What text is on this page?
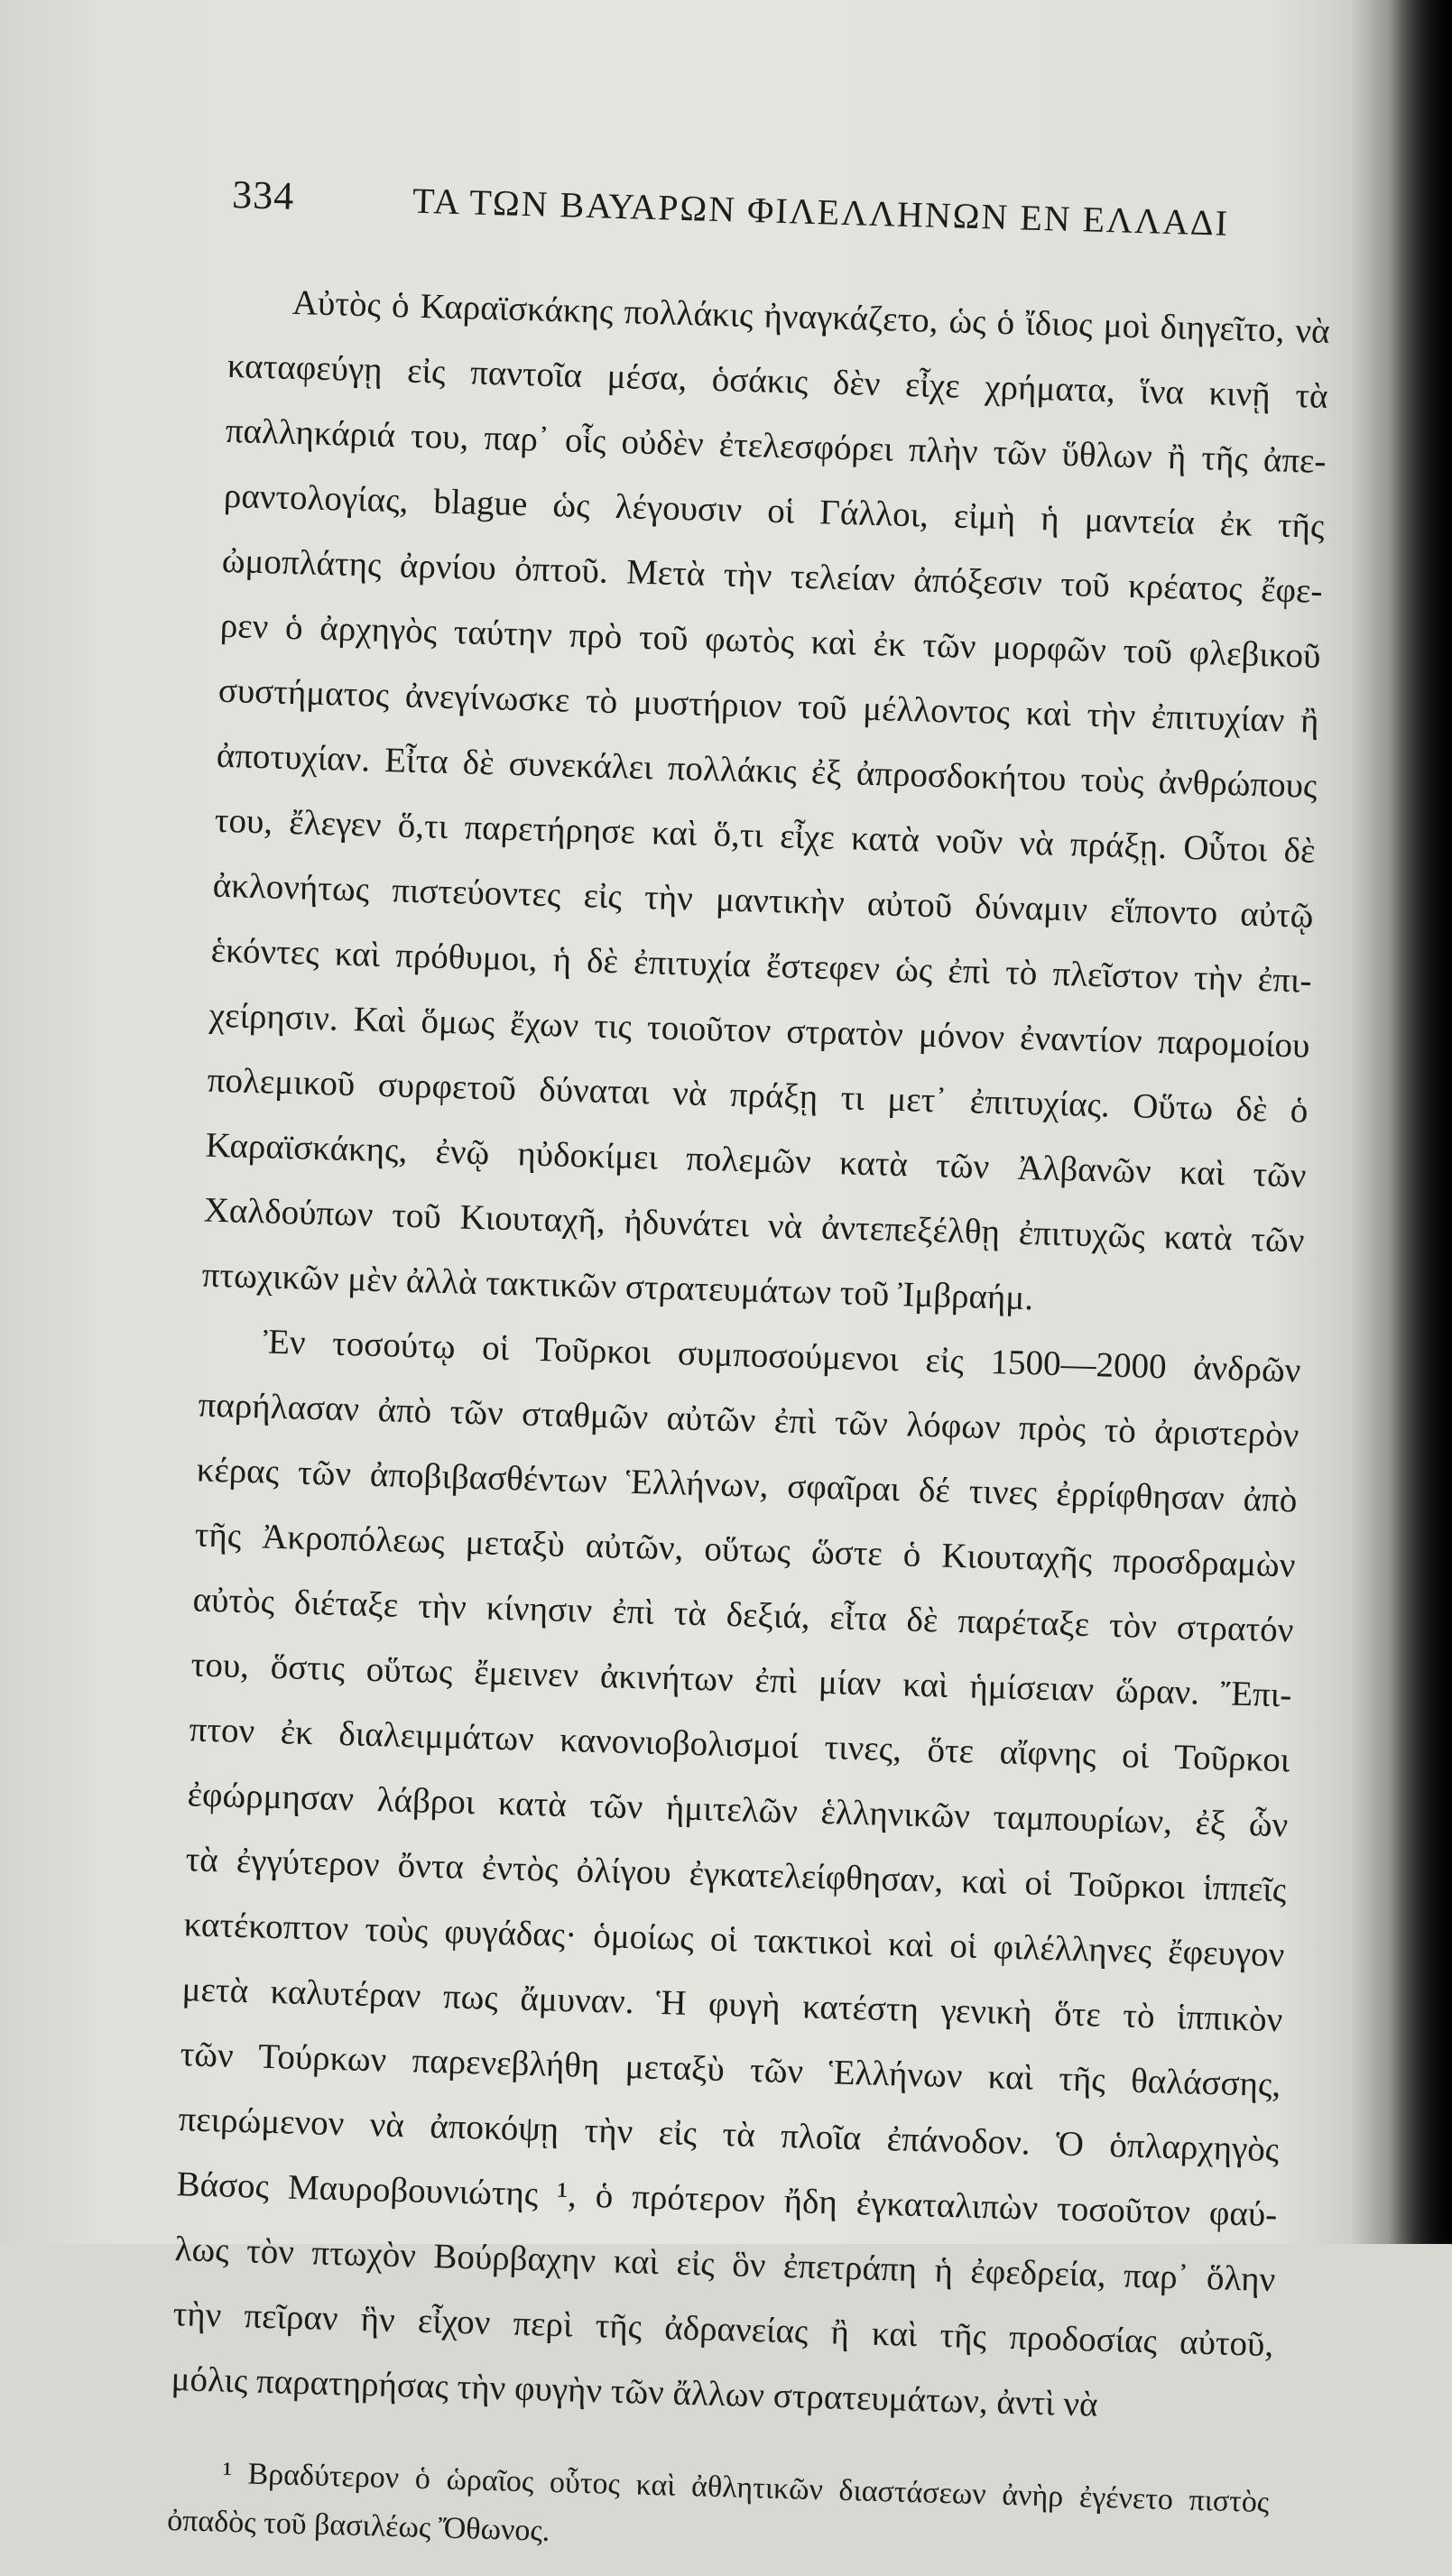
334	ΤΑ ΤΩΝ ΒΑΥΑΡΩΝ ΦΙΛΕΛΛΗΝΩΝ ΕΝ ΕΛΛΑΔΙ
Αὐτὸς ὁ Καραϊσκάκης πολλάκις ἠναγκάζετο, ὡς ὁ ἴδιος μοὶ διηγεῖτο, νὰ
καταφεύγῃ εἰς παντοῖα μέσα, ὁσάκις δὲν εἶχε χρήματα, ἵνα κινῇ τὰ
παλληκάριά του, παρ᾽ οἷς οὐδὲν ἐτελεσφόρει πλὴν τῶν ὕθλων ἢ τῆς ἀπε-
ραντολογίας, blague ὡς λέγουσιν οἱ Γάλλοι, εἰμὴ ἡ μαντεία ἐκ τῆς
ὠμοπλάτης ἀρνίου ὀπτοῦ. Μετὰ τὴν τελείαν ἀπόξεσιν τοῦ κρέατος ἔφε-
ρεν ὁ ἀρχηγὸς ταύτην πρὸ τοῦ φωτὸς καὶ ἐκ τῶν μορφῶν τοῦ φλεβικοῦ
συστήματος ἀνεγίνωσκε τὸ μυστήριον τοῦ μέλλοντος καὶ τὴν ἐπιτυχίαν ἢ
ἀποτυχίαν. Εἶτα δὲ συνεκάλει πολλάκις ἐξ ἀπροσδοκήτου τοὺς ἀνθρώπους
του, ἔλεγεν ὅ,τι παρετήρησε καὶ ὅ,τι εἶχε κατὰ νοῦν νὰ πράξῃ. Οὗτοι δὲ
ἀκλονήτως πιστεύοντες εἰς τὴν μαντικὴν αὐτοῦ δύναμιν εἵποντο αὐτῷ
ἑκόντες καὶ πρόθυμοι, ἡ δὲ ἐπιτυχία ἔστεφεν ὡς ἐπὶ τὸ πλεῖστον τὴν ἐπι-
χείρησιν. Καὶ ὅμως ἔχων τις τοιοῦτον στρατὸν μόνον ἐναντίον παρομοίου
πολεμικοῦ συρφετοῦ δύναται νὰ πράξῃ τι μετ᾽ ἐπιτυχίας. Οὕτω δὲ ὁ
Καραϊσκάκης, ἐνῷ ηὐδοκίμει πολεμῶν κατὰ τῶν Ἀλβανῶν καὶ τῶν
Χαλδούπων τοῦ Κιουταχῆ, ἠδυνάτει νὰ ἀντεπεξέλθῃ ἐπιτυχῶς κατὰ τῶν
πτωχικῶν μὲν ἀλλὰ τακτικῶν στρατευμάτων τοῦ Ἰμβραήμ.
Ἐν τοσούτῳ οἱ Τοῦρκοι συμποσούμενοι εἰς 1500—2000 ἀνδρῶν
παρήλασαν ἀπὸ τῶν σταθμῶν αὐτῶν ἐπὶ τῶν λόφων πρὸς τὸ ἀριστερὸν
κέρας τῶν ἀποβιβασθέντων Ἑλλήνων, σφαῖραι δέ τινες ἐρρίφθησαν ἀπὸ
τῆς Ἀκροπόλεως μεταξὺ αὐτῶν, οὕτως ὥστε ὁ Κιουταχῆς προσδραμὼν
αὐτὸς διέταξε τὴν κίνησιν ἐπὶ τὰ δεξιά, εἶτα δὲ παρέταξε τὸν στρατόν
του, ὅστις οὕτως ἔμεινεν ἀκινήτων ἐπὶ μίαν καὶ ἡμίσειαν ὥραν. Ἔπι-
πτον ἐκ διαλειμμάτων κανονιοβολισμοί τινες, ὅτε αἴφνης οἱ Τοῦρκοι
ἐφώρμησαν λάβροι κατὰ τῶν ἡμιτελῶν ἑλληνικῶν ταμπουρίων, ἐξ ὧν
τὰ ἐγγύτερον ὄντα ἐντὸς ὀλίγου ἐγκατελείφθησαν, καὶ οἱ Τοῦρκοι ἱππεῖς
κατέκοπτον τοὺς φυγάδας· ὁμοίως οἱ τακτικοὶ καὶ οἱ φιλέλληνες ἔφευγον
μετὰ καλυτέραν πως ἄμυναν. Ἡ φυγὴ κατέστη γενικὴ ὅτε τὸ ἱππικὸν
τῶν Τούρκων παρενεβλήθη μεταξὺ τῶν Ἑλλήνων καὶ τῆς θαλάσσης,
πειρώμενον νὰ ἀποκόψῃ τὴν εἰς τὰ πλοῖα ἐπάνοδον. Ὁ ὁπλαρχηγὸς
Βάσος Μαυροβουνιώτης ¹, ὁ πρότερον ἤδη ἐγκαταλιπὼν τοσοῦτον φαύ-
λως τὸν πτωχὸν Βούρβαχην καὶ εἰς ὃν ἐπετράπη ἡ ἐφεδρεία, παρ᾽ ὅλην
τὴν πεῖραν ἣν εἶχον περὶ τῆς ἀδρανείας ἢ καὶ τῆς προδοσίας αὐτοῦ,
μόλις παρατηρήσας τὴν φυγὴν τῶν ἄλλων στρατευμάτων, ἀντὶ νὰ
¹ Βραδύτερον ὁ ὡραῖος οὗτος καὶ ἀθλητικῶν διαστάσεων ἀνὴρ ἐγένετο πιστὸς
ὀπαδὸς τοῦ βασιλέως Ὄθωνος.
